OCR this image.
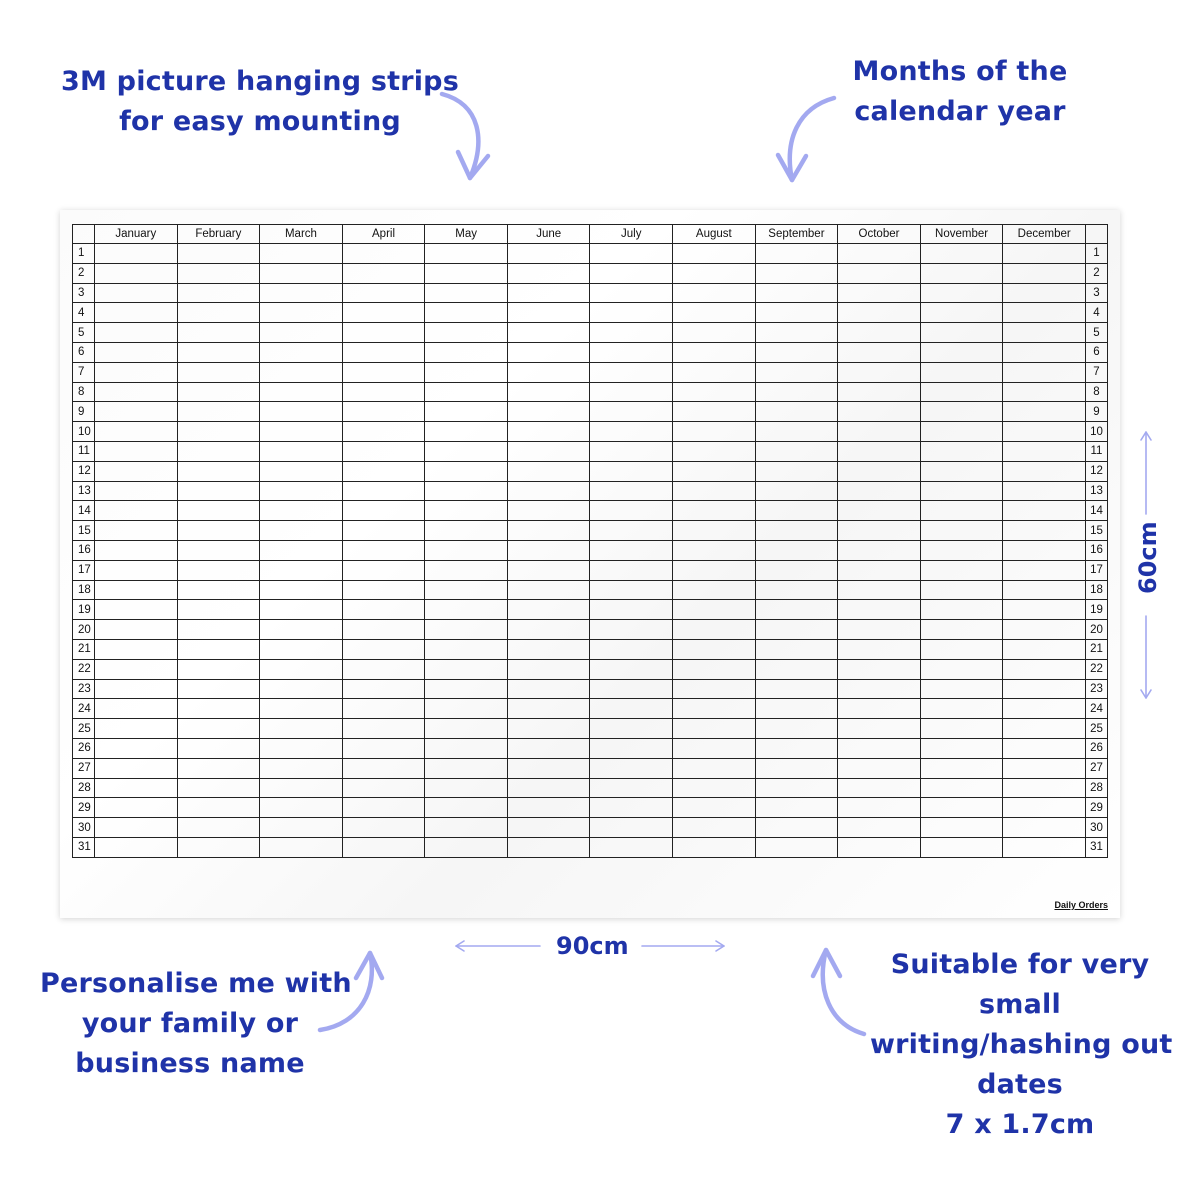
3M picture hanging strips
for easy mounting
Months of the
calendar year
Personalise me with
your family or
business name
Suitable for very
small
writing/hashing out
dates
7 x 1.7cm
	January	February	March	April	May	June	July	August	September	October	November	December	
1													1
2													2
3													3
4													4
5													5
6													6
7													7
8													8
9													9
10													10
11													11
12													12
13													13
14													14
15													15
16													16
17													17
18													18
19													19
20													20
21													21
22													22
23													23
24													24
25													25
26													26
27													27
28													28
29													29
30													30
31													31
Daily Orders
90cm
60cm
